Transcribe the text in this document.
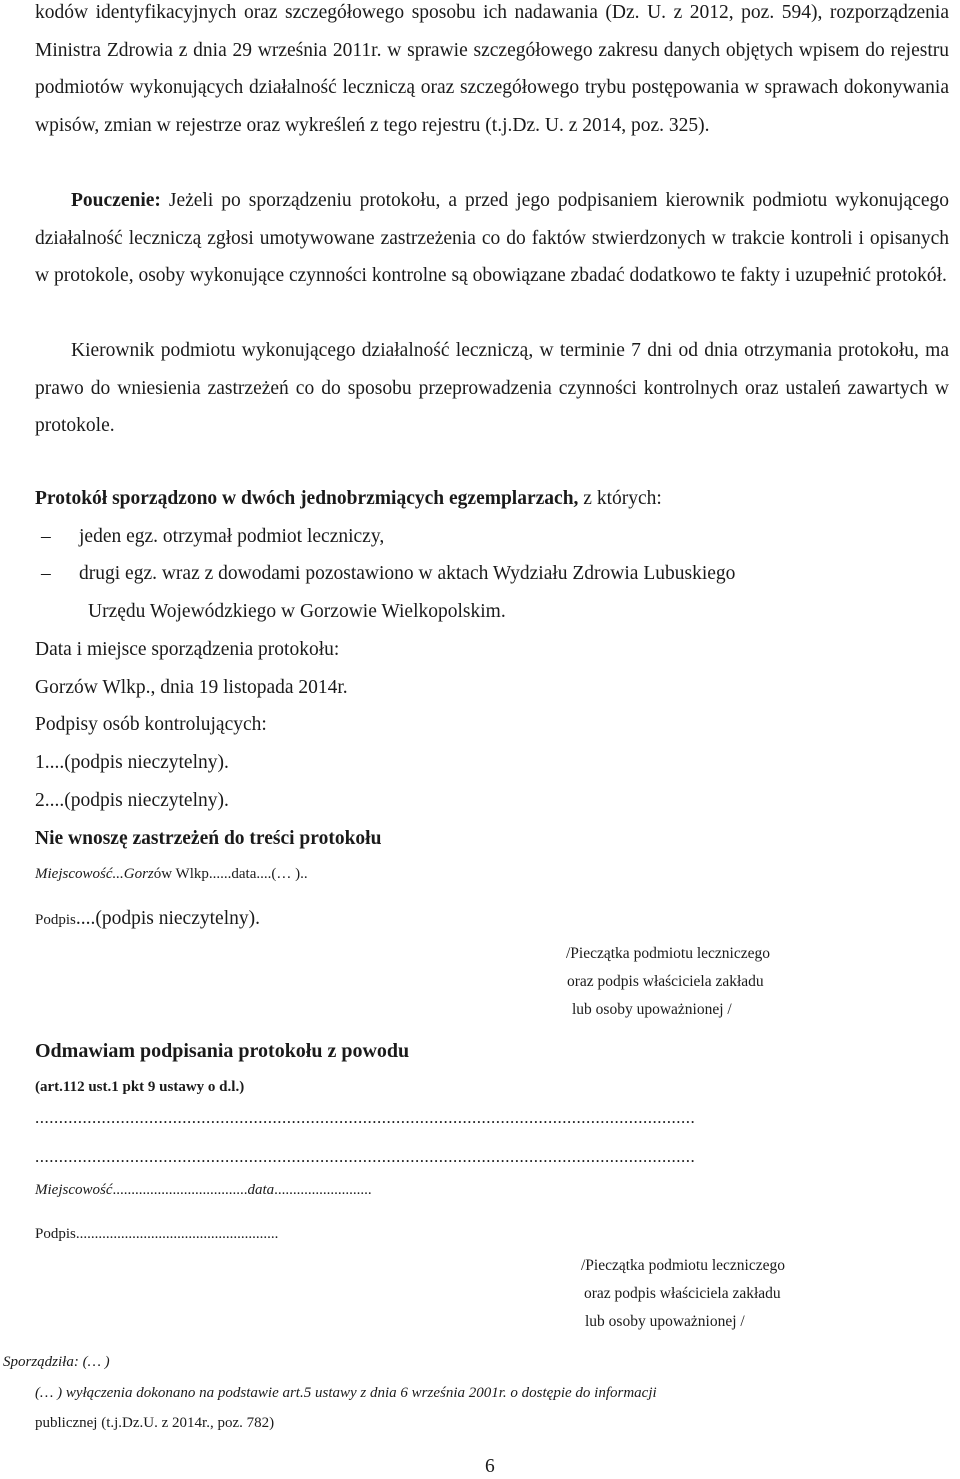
kodów identyfikacyjnych oraz szczegółowego sposobu ich nadawania (Dz. U. z 2012, poz. 594), rozporządzenia Ministra Zdrowia z dnia 29 września 2011r. w sprawie szczegółowego zakresu danych objętych wpisem do rejestru podmiotów wykonujących działalność leczniczą oraz szczegółowego trybu postępowania w sprawach dokonywania wpisów, zmian w rejestrze oraz wykreśleń z tego rejestru (t.j.Dz. U. z 2014, poz. 325).

Pouczenie: Jeżeli po sporządzeniu protokołu, a przed jego podpisaniem kierownik podmiotu wykonującego działalność leczniczą zgłosi umotywowane zastrzeżenia co do faktów stwierdzonych w trakcie kontroli i opisanych w protokole, osoby wykonujące czynności kontrolne są obowiązane zbadać dodatkowo te fakty i uzupełnić protokół.

Kierownik podmiotu wykonującego działalność leczniczą, w terminie 7 dni od dnia otrzymania protokołu, ma prawo do wniesienia zastrzeżeń co do sposobu przeprowadzenia czynności kontrolnych oraz ustaleń zawartych w protokole.

Protokół sporządzono w dwóch jednobrzmiących egzemplarzach, z których:

– jeden egz. otrzymał podmiot leczniczy,

– drugi egz. wraz z dowodami pozostawiono w aktach Wydziału Zdrowia Lubuskiego

Urzędu Wojewódzkiego w Gorzowie Wielkopolskim.

Data i miejsce sporządzenia protokołu:

Gorzów Wlkp., dnia 19 listopada 2014r.

Podpisy osób kontrolujących:

1....(podpis nieczytelny).

2....(podpis nieczytelny).

Nie wnoszę zastrzeżeń do treści protokołu

Miejscowość...Gorzów Wlkp......data....(… )..

Podpis....(podpis nieczytelny).

/Pieczątka podmiotu leczniczego
oraz podpis właściciela zakładu
lub osoby upoważnionej /

Odmawiam podpisania protokołu z powodu

(art.112 ust.1 pkt 9 ustawy o d.l.)

...........................................................................................................................................
...........................................................................................................................................

Miejscowość....................................data..........................

Podpis......................................................

/Pieczątka podmiotu leczniczego
oraz podpis właściciela zakładu
lub osoby upoważnionej /

Sporządziła: (… )

(… ) wyłączenia dokonano na podstawie art.5 ustawy z dnia 6 września 2001r. o dostępie do informacji

publicznej (t.j.Dz.U. z 2014r., poz. 782)

6
